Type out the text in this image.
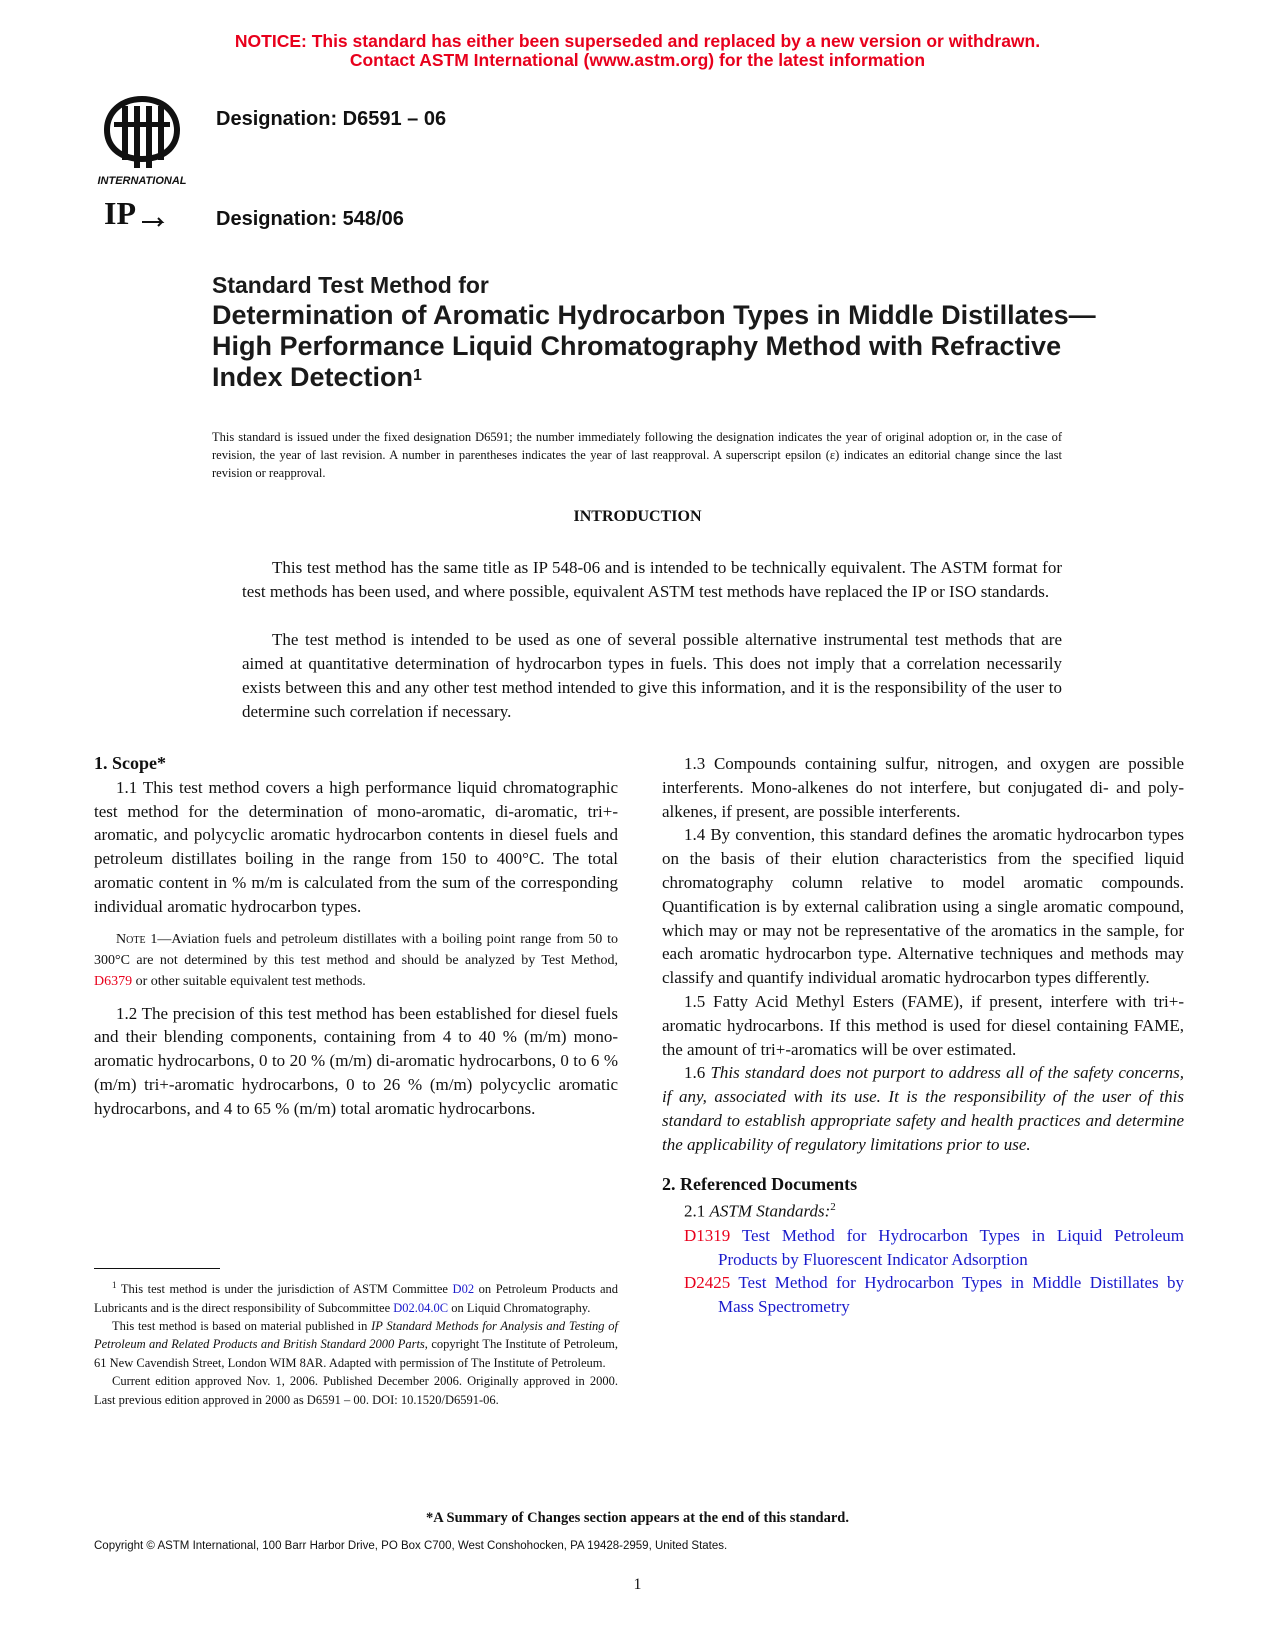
NOTICE: This standard has either been superseded and replaced by a new version or withdrawn.
Contact ASTM International (www.astm.org) for the latest information
INTERNATIONAL
IP
Designation: D6591 – 06
Designation: 548/06
Standard Test Method for
Determination of Aromatic Hydrocarbon Types in Middle Distillates—High Performance Liquid Chromatography Method with Refractive Index Detection$^1$
This standard is issued under the fixed designation D6591; the number immediately following the designation indicates the year of original adoption or, in the case of revision, the year of last revision. A number in parentheses indicates the year of last reapproval. A superscript epsilon (ε) indicates an editorial change since the last revision or reapproval.
INTRODUCTION

This test method has the same title as IP 548-06 and is intended to be technically equivalent. The ASTM format for test methods has been used, and where possible, equivalent ASTM test methods have replaced the IP or ISO standards.

The test method is intended to be used as one of several possible alternative instrumental test methods that are aimed at quantitative determination of hydrocarbon types in fuels. This does not imply that a correlation necessarily exists between this and any other test method intended to give this information, and it is the responsibility of the user to determine such correlation if necessary.

1. Scope*

1.1 This test method covers a high performance liquid chromatographic test method for the determination of mono-aromatic, di-aromatic, tri+-aromatic, and polycyclic aromatic hydrocarbon contents in diesel fuels and petroleum distillates boiling in the range from 150 to 400°C. The total aromatic content in % m/m is calculated from the sum of the corresponding individual aromatic hydrocarbon types.

Note 1—Aviation fuels and petroleum distillates with a boiling point range from 50 to 300°C are not determined by this test method and should be analyzed by Test Method, D6379 or other suitable equivalent test methods.

1.2 The precision of this test method has been established for diesel fuels and their blending components, containing from 4 to 40 % (m/m) mono-aromatic hydrocarbons, 0 to 20 % (m/m) di-aromatic hydrocarbons, 0 to 6 % (m/m) tri+-aromatic hydrocarbons, 0 to 26 % (m/m) polycyclic aromatic hydrocarbons, and 4 to 65 % (m/m) total aromatic hydrocarbons.

1.3 Compounds containing sulfur, nitrogen, and oxygen are possible interferents. Mono-alkenes do not interfere, but conjugated di- and poly-alkenes, if present, are possible interferents.

1.4 By convention, this standard defines the aromatic hydrocarbon types on the basis of their elution characteristics from the specified liquid chromatography column relative to model aromatic compounds. Quantification is by external calibration using a single aromatic compound, which may or may not be representative of the aromatics in the sample, for each aromatic hydrocarbon type. Alternative techniques and methods may classify and quantify individual aromatic hydrocarbon types differently.

1.5 Fatty Acid Methyl Esters (FAME), if present, interfere with tri+-aromatic hydrocarbons. If this method is used for diesel containing FAME, the amount of tri+-aromatics will be over estimated.

1.6 This standard does not purport to address all of the safety concerns, if any, associated with its use. It is the responsibility of the user of this standard to establish appropriate safety and health practices and determine the applicability of regulatory limitations prior to use.

2. Referenced Documents

2.1 ASTM Standards:$^2$

D1319 Test Method for Hydrocarbon Types in Liquid Petroleum Products by Fluorescent Indicator Adsorption

D2425 Test Method for Hydrocarbon Types in Middle Distillates by Mass Spectrometry

$^1$ This test method is under the jurisdiction of ASTM Committee D02 on Petroleum Products and Lubricants and is the direct responsibility of Subcommittee D02.04.0C on Liquid Chromatography.

This test method is based on material published in IP Standard Methods for Analysis and Testing of Petroleum and Related Products and British Standard 2000 Parts, copyright The Institute of Petroleum, 61 New Cavendish Street, London WIM 8AR. Adapted with permission of The Institute of Petroleum.

Current edition approved Nov. 1, 2006. Published December 2006. Originally approved in 2000. Last previous edition approved in 2000 as D6591 – 00. DOI: 10.1520/D6591-06.

*A Summary of Changes section appears at the end of this standard.
Copyright © ASTM International, 100 Barr Harbor Drive, PO Box C700, West Conshohocken, PA 19428-2959, United States.
1
